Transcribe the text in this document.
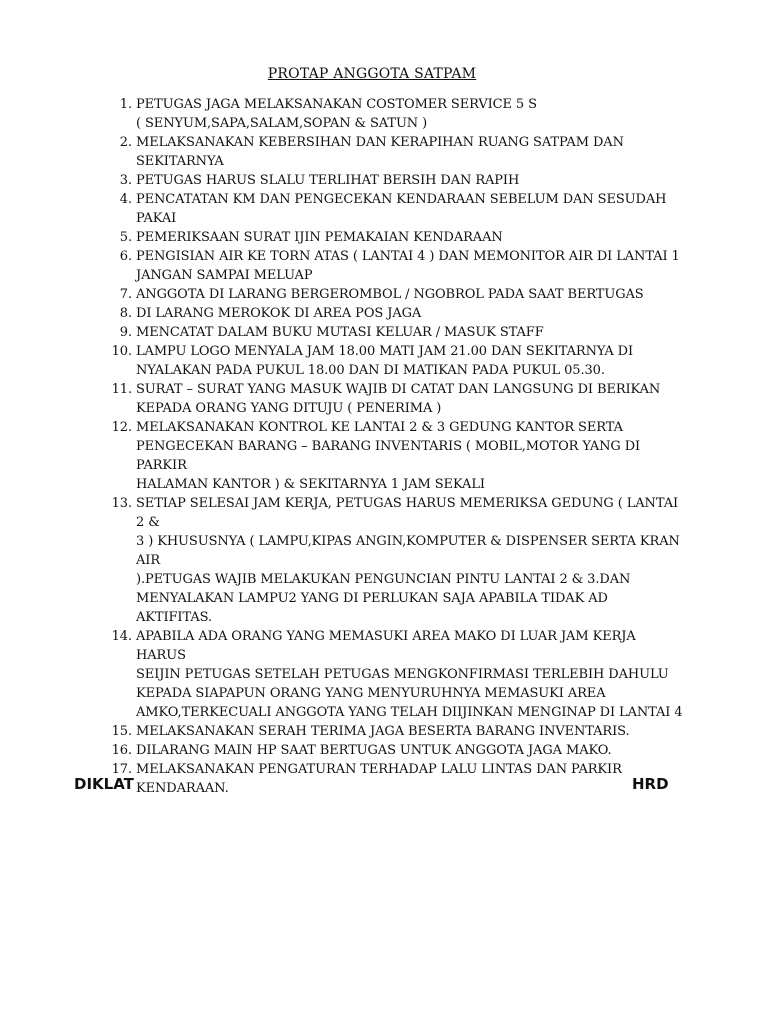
PROTAP ANGGOTA SATPAM
1. PETUGAS JAGA MELAKSANAKAN COSTOMER SERVICE 5 S
( SENYUM,SAPA,SALAM,SOPAN & SATUN )
2. MELAKSANAKAN KEBERSIHAN DAN KERAPIHAN RUANG SATPAM DAN
SEKITARNYA
3. PETUGAS HARUS SLALU TERLIHAT BERSIH DAN RAPIH
4. PENCATATAN KM DAN PENGECEKAN KENDARAAN SEBELUM DAN SESUDAH
PAKAI
5. PEMERIKSAAN SURAT IJIN PEMAKAIAN KENDARAAN
6. PENGISIAN AIR KE TORN ATAS ( LANTAI 4 ) DAN MEMONITOR AIR DI LANTAI 1
JANGAN SAMPAI MELUAP
7. ANGGOTA DI LARANG BERGEROMBOL / NGOBROL PADA SAAT BERTUGAS
8. DI LARANG MEROKOK DI AREA POS JAGA
9. MENCATAT DALAM BUKU MUTASI KELUAR / MASUK STAFF
10. LAMPU LOGO MENYALA JAM 18.00 MATI JAM 21.00 DAN SEKITARNYA DI
NYALAKAN PADA PUKUL 18.00 DAN DI MATIKAN PADA PUKUL 05.30.
11. SURAT – SURAT YANG MASUK WAJIB DI CATAT DAN LANGSUNG DI BERIKAN
KEPADA ORANG YANG DITUJU ( PENERIMA )
12. MELAKSANAKAN KONTROL KE LANTAI 2 & 3 GEDUNG KANTOR SERTA
PENGECEKAN BARANG – BARANG INVENTARIS ( MOBIL,MOTOR YANG DI PARKIR
HALAMAN KANTOR ) & SEKITARNYA 1 JAM SEKALI
13. SETIAP SELESAI JAM KERJA, PETUGAS HARUS MEMERIKSA GEDUNG ( LANTAI 2 &
3 ) KHUSUSNYA ( LAMPU,KIPAS ANGIN,KOMPUTER & DISPENSER SERTA KRAN AIR
).PETUGAS WAJIB MELAKUKAN PENGUNCIAN PINTU LANTAI 2 & 3.DAN
MENYALAKAN LAMPU2 YANG DI PERLUKAN SAJA APABILA TIDAK AD AKTIFITAS.
14. APABILA ADA ORANG YANG MEMASUKI AREA MAKO DI LUAR JAM KERJA HARUS
SEIJIN PETUGAS SETELAH PETUGAS MENGKONFIRMASI TERLEBIH DAHULU
KEPADA SIAPAPUN ORANG YANG MENYURUHNYA MEMASUKI AREA
AMKO,TERKECUALI ANGGOTA YANG TELAH DIIJINKAN MENGINAP DI LANTAI 4
15. MELAKSANAKAN SERAH TERIMA JAGA BESERTA BARANG INVENTARIS.
16. DILARANG MAIN HP SAAT BERTUGAS UNTUK ANGGOTA JAGA MAKO.
17. MELAKSANAKAN PENGATURAN TERHADAP LALU LINTAS DAN PARKIR
KENDARAAN.
DIKLAT	HRD
